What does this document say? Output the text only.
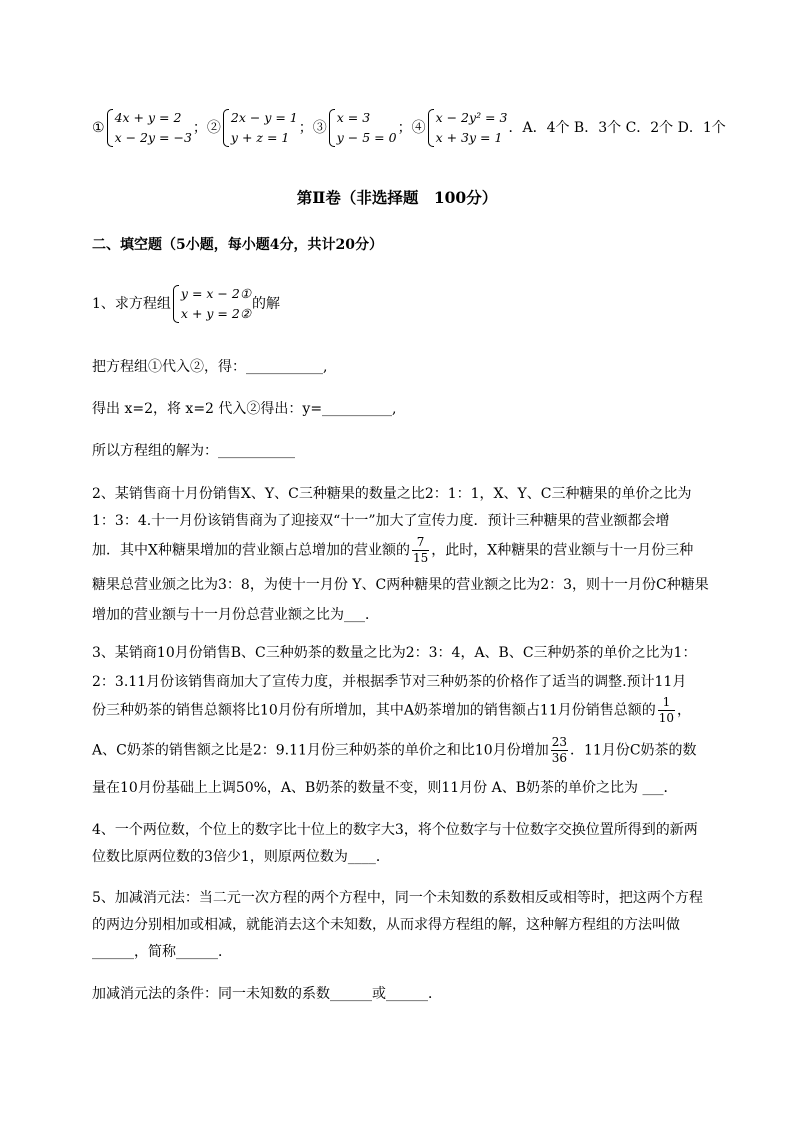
①
4x + y = 2
x − 2y = −3
；②
2x − y = 1
y + z = 1
；③
x = 3
y − 5 = 0
；④
x − 2y² = 3
x + 3y = 1
．A．4个 B．3个 C．2个 D．1个
第Ⅱ卷（非选择题　100分）
二、填空题（5小题，每小题4分，共计20分）
1、求方程组
y = x − 2①
x + y = 2②
的解
把方程组①代入②，得：___________,
得出 x=2，将 x=2 代入②得出：y=__________,
所以方程组的解为：___________
2、某销售商十月份销售X、Y、C三种糖果的数量之比2：1：1，X、Y、C三种糖果的单价之比为
1：3：4.十一月份该销售商为了迎接双“十一”加大了宣传力度．预计三种糖果的营业额都会增
加．其中X种糖果增加的营业额占总增加的营业额的 $\frac{7}{15}$ ，此时，X种糖果的营业额与十一月份三种
糖果总营业颁之比为3：8，为使十一月份 Y、C两种糖果的营业额之比为2：3，则十一月份C种糖果
增加的营业额与十一月份总营业额之比为___．
3、某销商10月份销售B、C三种奶茶的数量之比为2：3：4，A、B、C三种奶茶的单价之比为1：
2：3.11月份该销售商加大了宣传力度，并根据季节对三种奶茶的价格作了适当的调整.预计11月
份三种奶茶的销售总额将比10月份有所增加，其中A奶茶增加的销售额占11月份销售总额的 $\frac{1}{10}$ ，
A、C奶茶的销售额之比是2：9.11月份三种奶茶的单价之和比10月份增加 $\frac{23}{36}$ ．11月份C奶茶的数
量在10月份基础上上调50%，A、B奶茶的数量不变，则11月份 A、B奶茶的单价之比为 ___．
4、一个两位数，个位上的数字比十位上的数字大3，将个位数字与十位数字交换位置所得到的新两
位数比原两位数的3倍少1，则原两位数为____．
5、加减消元法：当二元一次方程的两个方程中，同一个未知数的系数相反或相等时，把这两个方程
的两边分别相加或相减，就能消去这个未知数，从而求得方程组的解，这种解方程组的方法叫做
______，简称______．
加减消元法的条件：同一未知数的系数______或______．
